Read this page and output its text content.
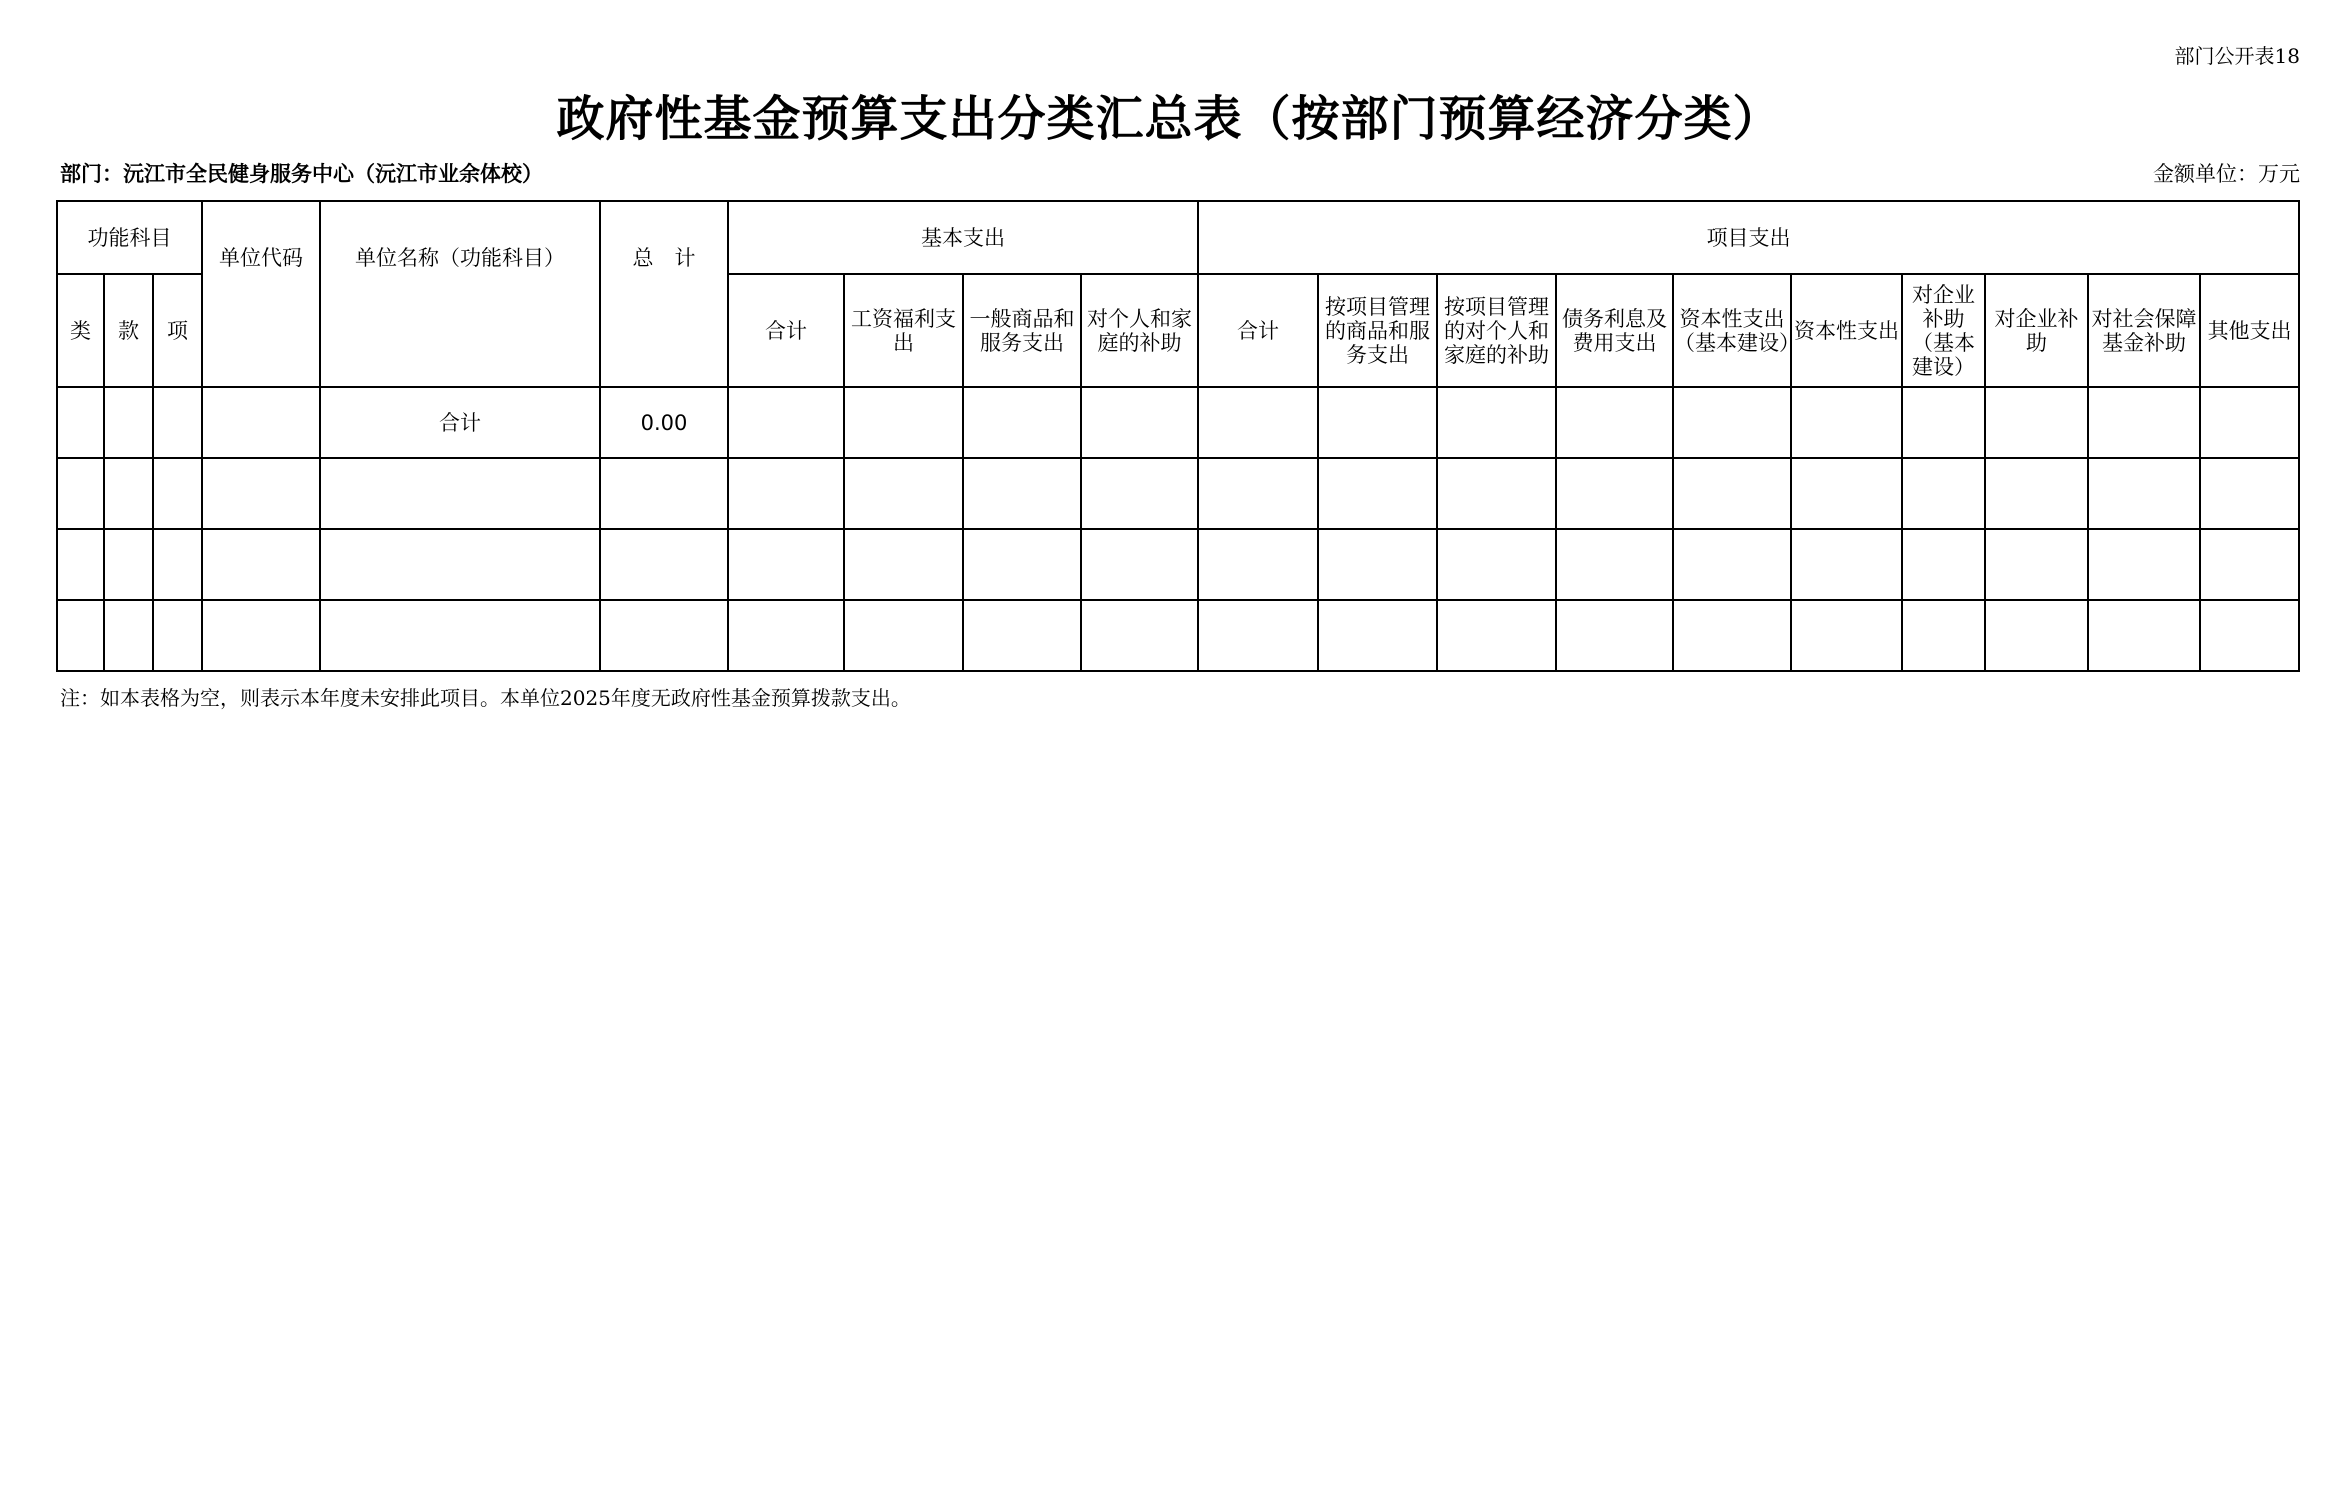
部门公开表18
政府性基金预算支出分类汇总表（按部门预算经济分类）
部门：沅江市全民健身服务中心（沅江市业余体校）	金额单位：万元
功能科目			单位代码	单位名称（功能科目）	总　计	基本支出				项目支出									
类	款	项				合计	工资福利支出	一般商品和服务支出	对个人和家庭的补助	合计	按项目管理的商品和服务支出	按项目管理的对个人和家庭的补助	债务利息及费用支出	资本性支出（基本建设）	资本性支出	对企业补助（基本建设）	对企业补助	对社会保障基金补助	其他支出
				合计	0.00														

注：如本表格为空，则表示本年度未安排此项目。本单位2025年度无政府性基金预算拨款支出。
